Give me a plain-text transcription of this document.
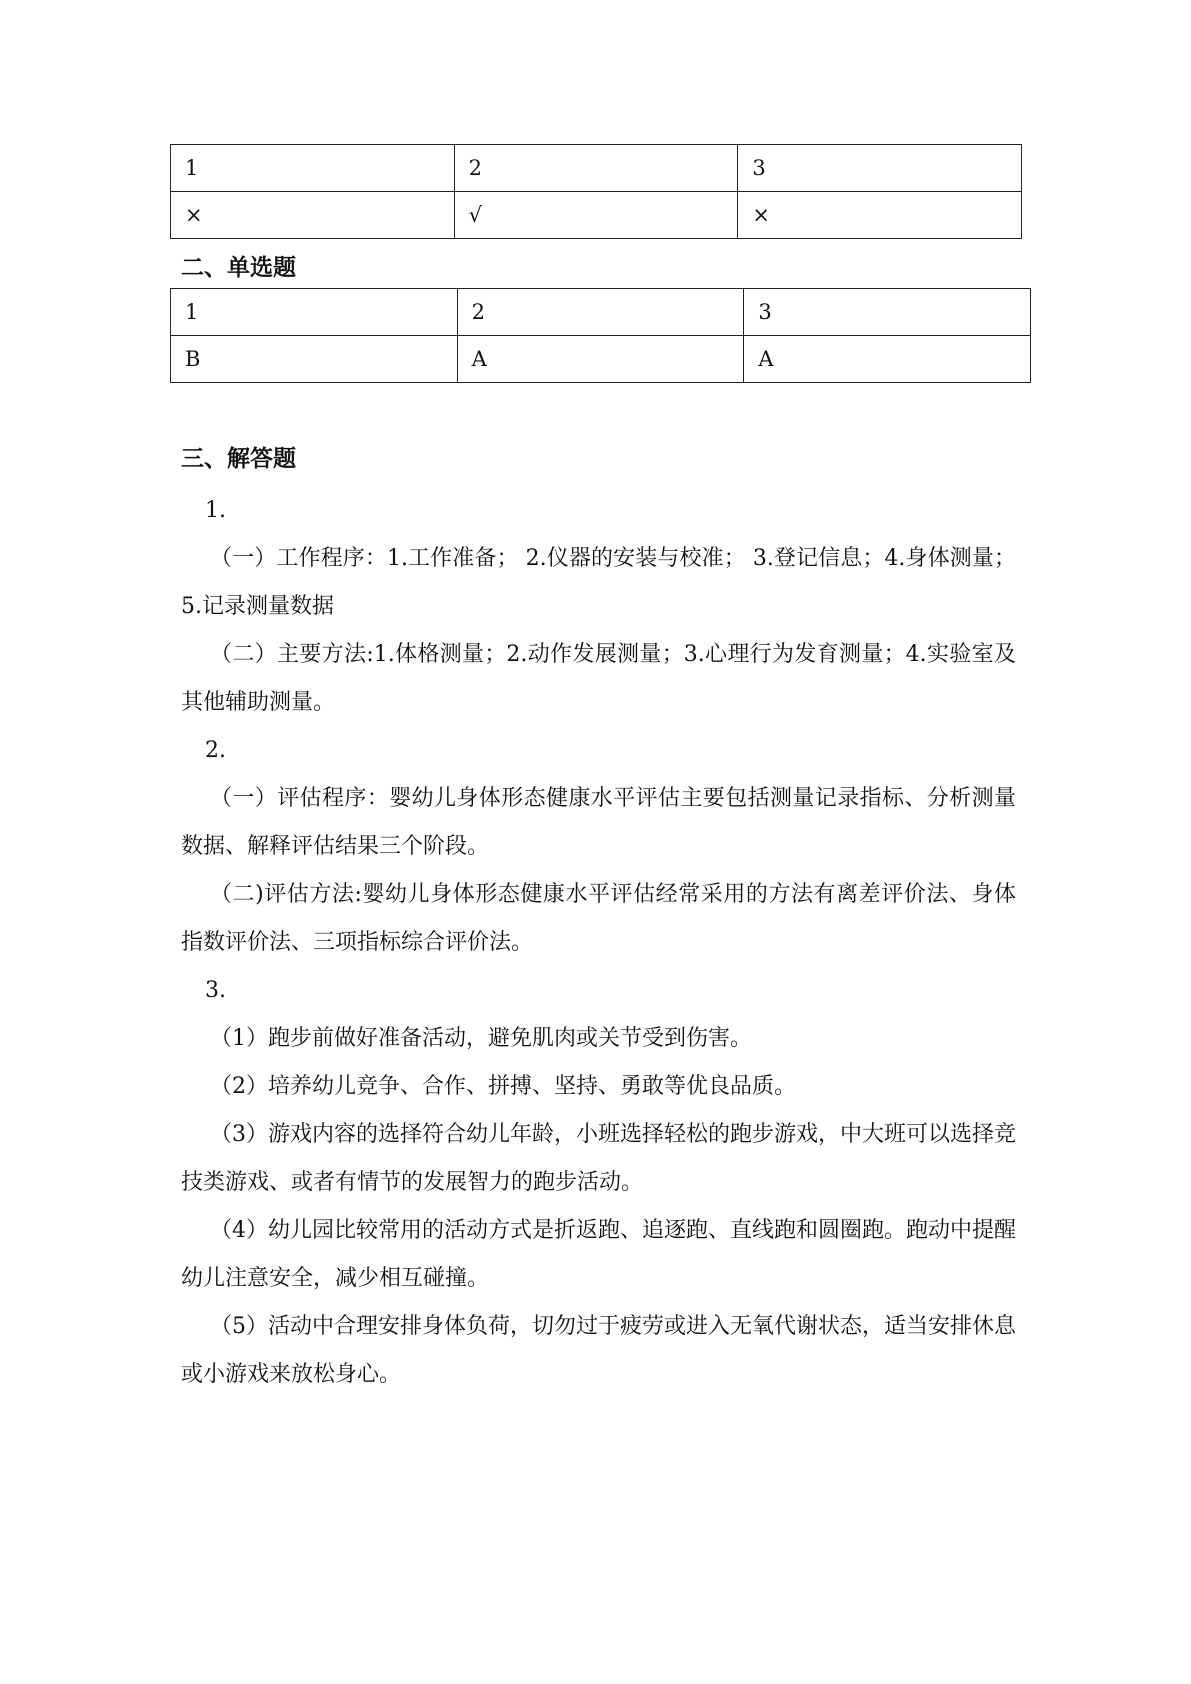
1	2	3
×	√	×
二、单选题
1	2	3
B	A	A
三、解答题

1.

（一）工作程序：1.工作准备； 2.仪器的安装与校准； 3.登记信息；4.身体测量；5.记录测量数据

（二）主要方法:1.体格测量；2.动作发展测量；3.心理行为发育测量；4.实验室及其他辅助测量。

2.

（一）评估程序：婴幼儿身体形态健康水平评估主要包括测量记录指标、分析测量数据、解释评估结果三个阶段。

（二)评估方法:婴幼儿身体形态健康水平评估经常采用的方法有离差评价法、身体指数评价法、三项指标综合评价法。

3.

（1）跑步前做好准备活动，避免肌肉或关节受到伤害。

（2）培养幼儿竞争、合作、拼搏、坚持、勇敢等优良品质。

（3）游戏内容的选择符合幼儿年龄，小班选择轻松的跑步游戏，中大班可以选择竞技类游戏、或者有情节的发展智力的跑步活动。

（4）幼儿园比较常用的活动方式是折返跑、追逐跑、直线跑和圆圈跑。跑动中提醒幼儿注意安全，减少相互碰撞。

（5）活动中合理安排身体负荷，切勿过于疲劳或进入无氧代谢状态，适当安排休息或小游戏来放松身心。
